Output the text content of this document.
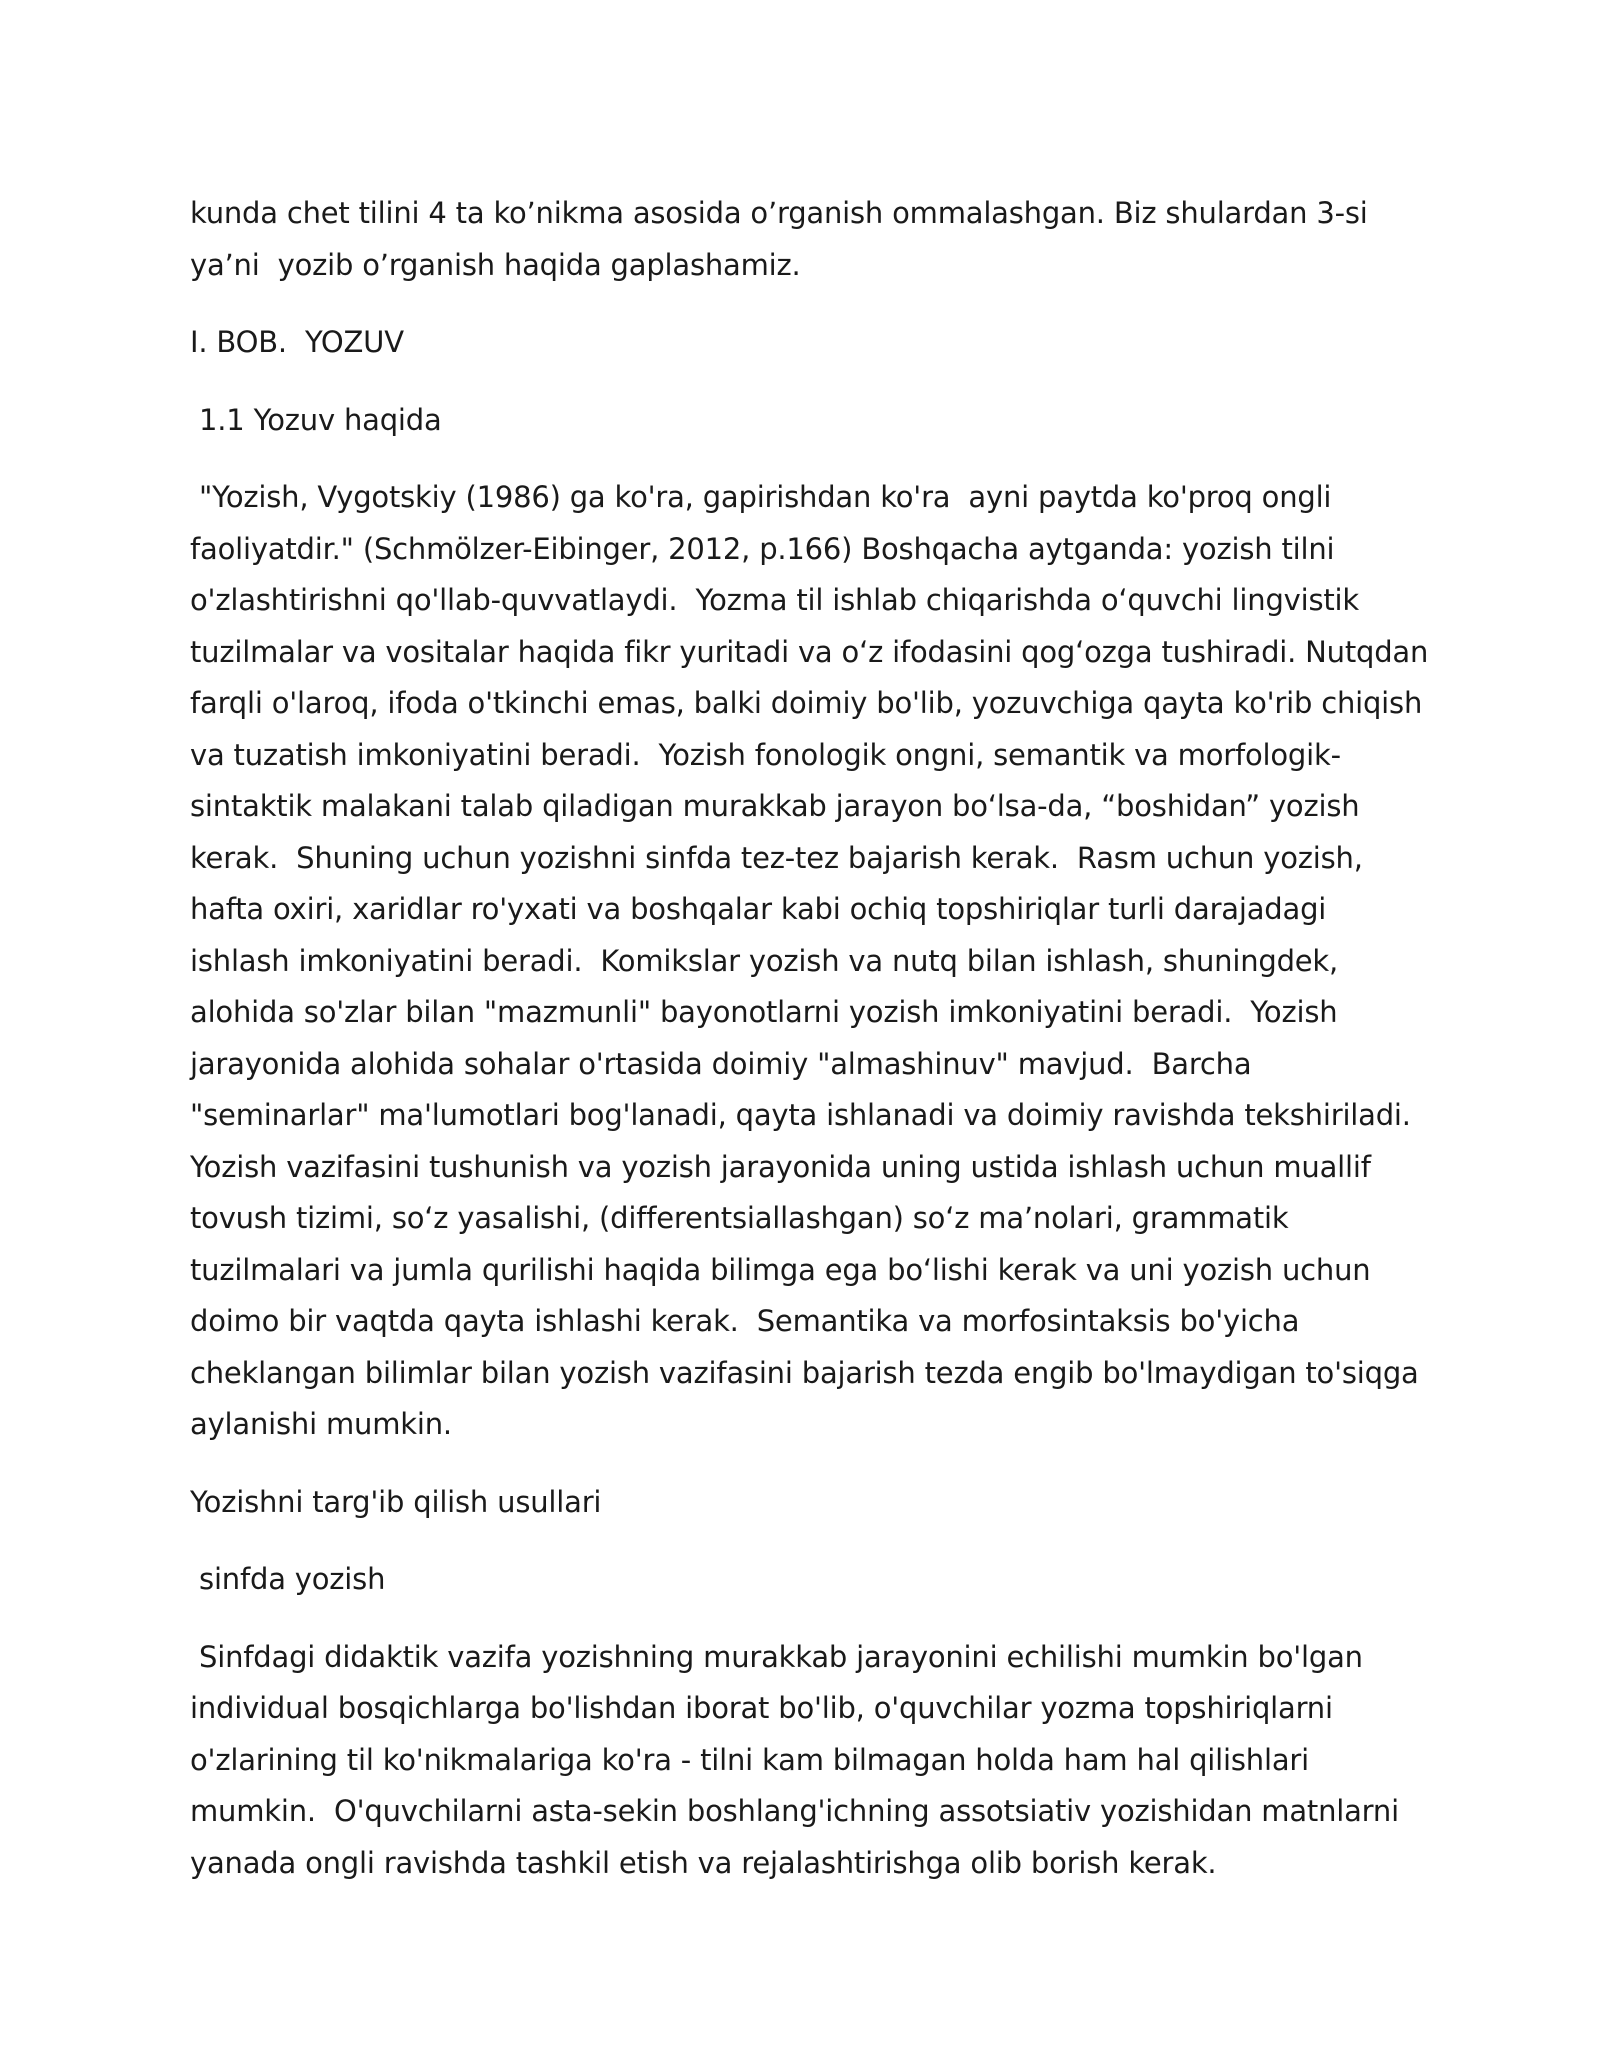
kunda chet tilini 4 ta ko’nikma asosida o’rganish ommalashgan. Biz shulardan 3-si ya’ni  yozib o’rganish haqida gaplashamiz.

I. BOB.  YOZUV

1.1 Yozuv haqida

"Yozish, Vygotskiy (1986) ga ko'ra, gapirishdan ko'ra  ayni paytda ko'proq ongli faoliyatdir." (Schmölzer-Eibinger, 2012, p.166) Boshqacha aytganda: yozish tilni o'zlashtirishni qo'llab-quvvatlaydi.  Yozma til ishlab chiqarishda oʻquvchi lingvistik tuzilmalar va vositalar haqida fikr yuritadi va oʻz ifodasini qogʻozga tushiradi. Nutqdan farqli o'laroq, ifoda o'tkinchi emas, balki doimiy bo'lib, yozuvchiga qayta ko'rib chiqish va tuzatish imkoniyatini beradi.  Yozish fonologik ongni, semantik va morfologik-sintaktik malakani talab qiladigan murakkab jarayon boʻlsa-da, “boshidan” yozish kerak.  Shuning uchun yozishni sinfda tez-tez bajarish kerak.  Rasm uchun yozish, hafta oxiri, xaridlar ro'yxati va boshqalar kabi ochiq topshiriqlar turli darajadagi ishlash imkoniyatini beradi.  Komikslar yozish va nutq bilan ishlash, shuningdek, alohida so'zlar bilan "mazmunli" bayonotlarni yozish imkoniyatini beradi.  Yozish jarayonida alohida sohalar o'rtasida doimiy "almashinuv" mavjud.  Barcha "seminarlar" ma'lumotlari bog'lanadi, qayta ishlanadi va doimiy ravishda tekshiriladi.  Yozish vazifasini tushunish va yozish jarayonida uning ustida ishlash uchun muallif tovush tizimi, soʻz yasalishi, (differentsiallashgan) soʻz ma’nolari, grammatik tuzilmalari va jumla qurilishi haqida bilimga ega boʻlishi kerak va uni yozish uchun doimo bir vaqtda qayta ishlashi kerak.  Semantika va morfosintaksis bo'yicha cheklangan bilimlar bilan yozish vazifasini bajarish tezda engib bo'lmaydigan to'siqga aylanishi mumkin.

Yozishni targ'ib qilish usullari

sinfda yozish

Sinfdagi didaktik vazifa yozishning murakkab jarayonini echilishi mumkin bo'lgan individual bosqichlarga bo'lishdan iborat bo'lib, o'quvchilar yozma topshiriqlarni o'zlarining til ko'nikmalariga ko'ra - tilni kam bilmagan holda ham hal qilishlari mumkin.  O'quvchilarni asta-sekin boshlang'ichning assotsiativ yozishidan matnlarni yanada ongli ravishda tashkil etish va rejalashtirishga olib borish kerak.
